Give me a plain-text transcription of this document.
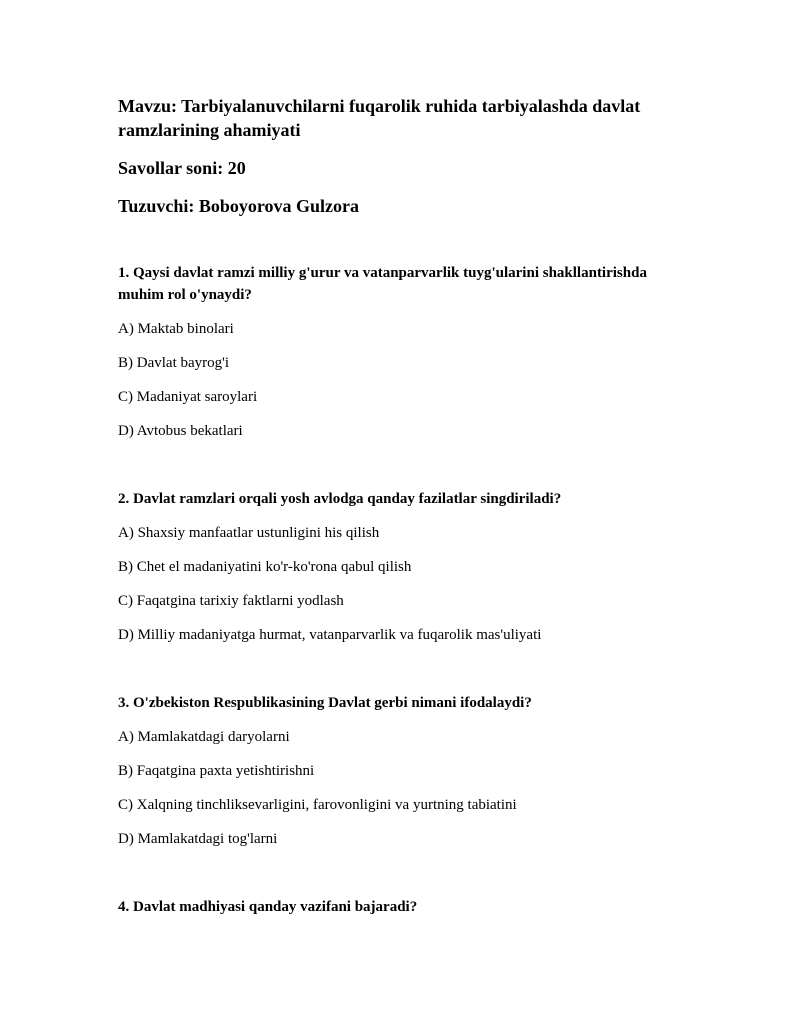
Mavzu: Tarbiyalanuvchilarni fuqarolik ruhida tarbiyalashda davlat ramzlarining ahamiyati

Savollar soni: 20

Tuzuvchi: Boboyorova Gulzora

1. Qaysi davlat ramzi milliy g'urur va vatanparvarlik tuyg'ularini shakllantirishda muhim rol o'ynaydi?

A) Maktab binolari

B) Davlat bayrog'i

C) Madaniyat saroylari

D) Avtobus bekatlari

2. Davlat ramzlari orqali yosh avlodga qanday fazilatlar singdiriladi?

A) Shaxsiy manfaatlar ustunligini his qilish

B) Chet el madaniyatini ko'r-ko'rona qabul qilish

C) Faqatgina tarixiy faktlarni yodlash

D) Milliy madaniyatga hurmat, vatanparvarlik va fuqarolik mas'uliyati

3. O'zbekiston Respublikasining Davlat gerbi nimani ifodalaydi?

A) Mamlakatdagi daryolarni

B) Faqatgina paxta yetishtirishni

C) Xalqning tinchliksevarligini, farovonligini va yurtning tabiatini

D) Mamlakatdagi tog'larni

4. Davlat madhiyasi qanday vazifani bajaradi?
